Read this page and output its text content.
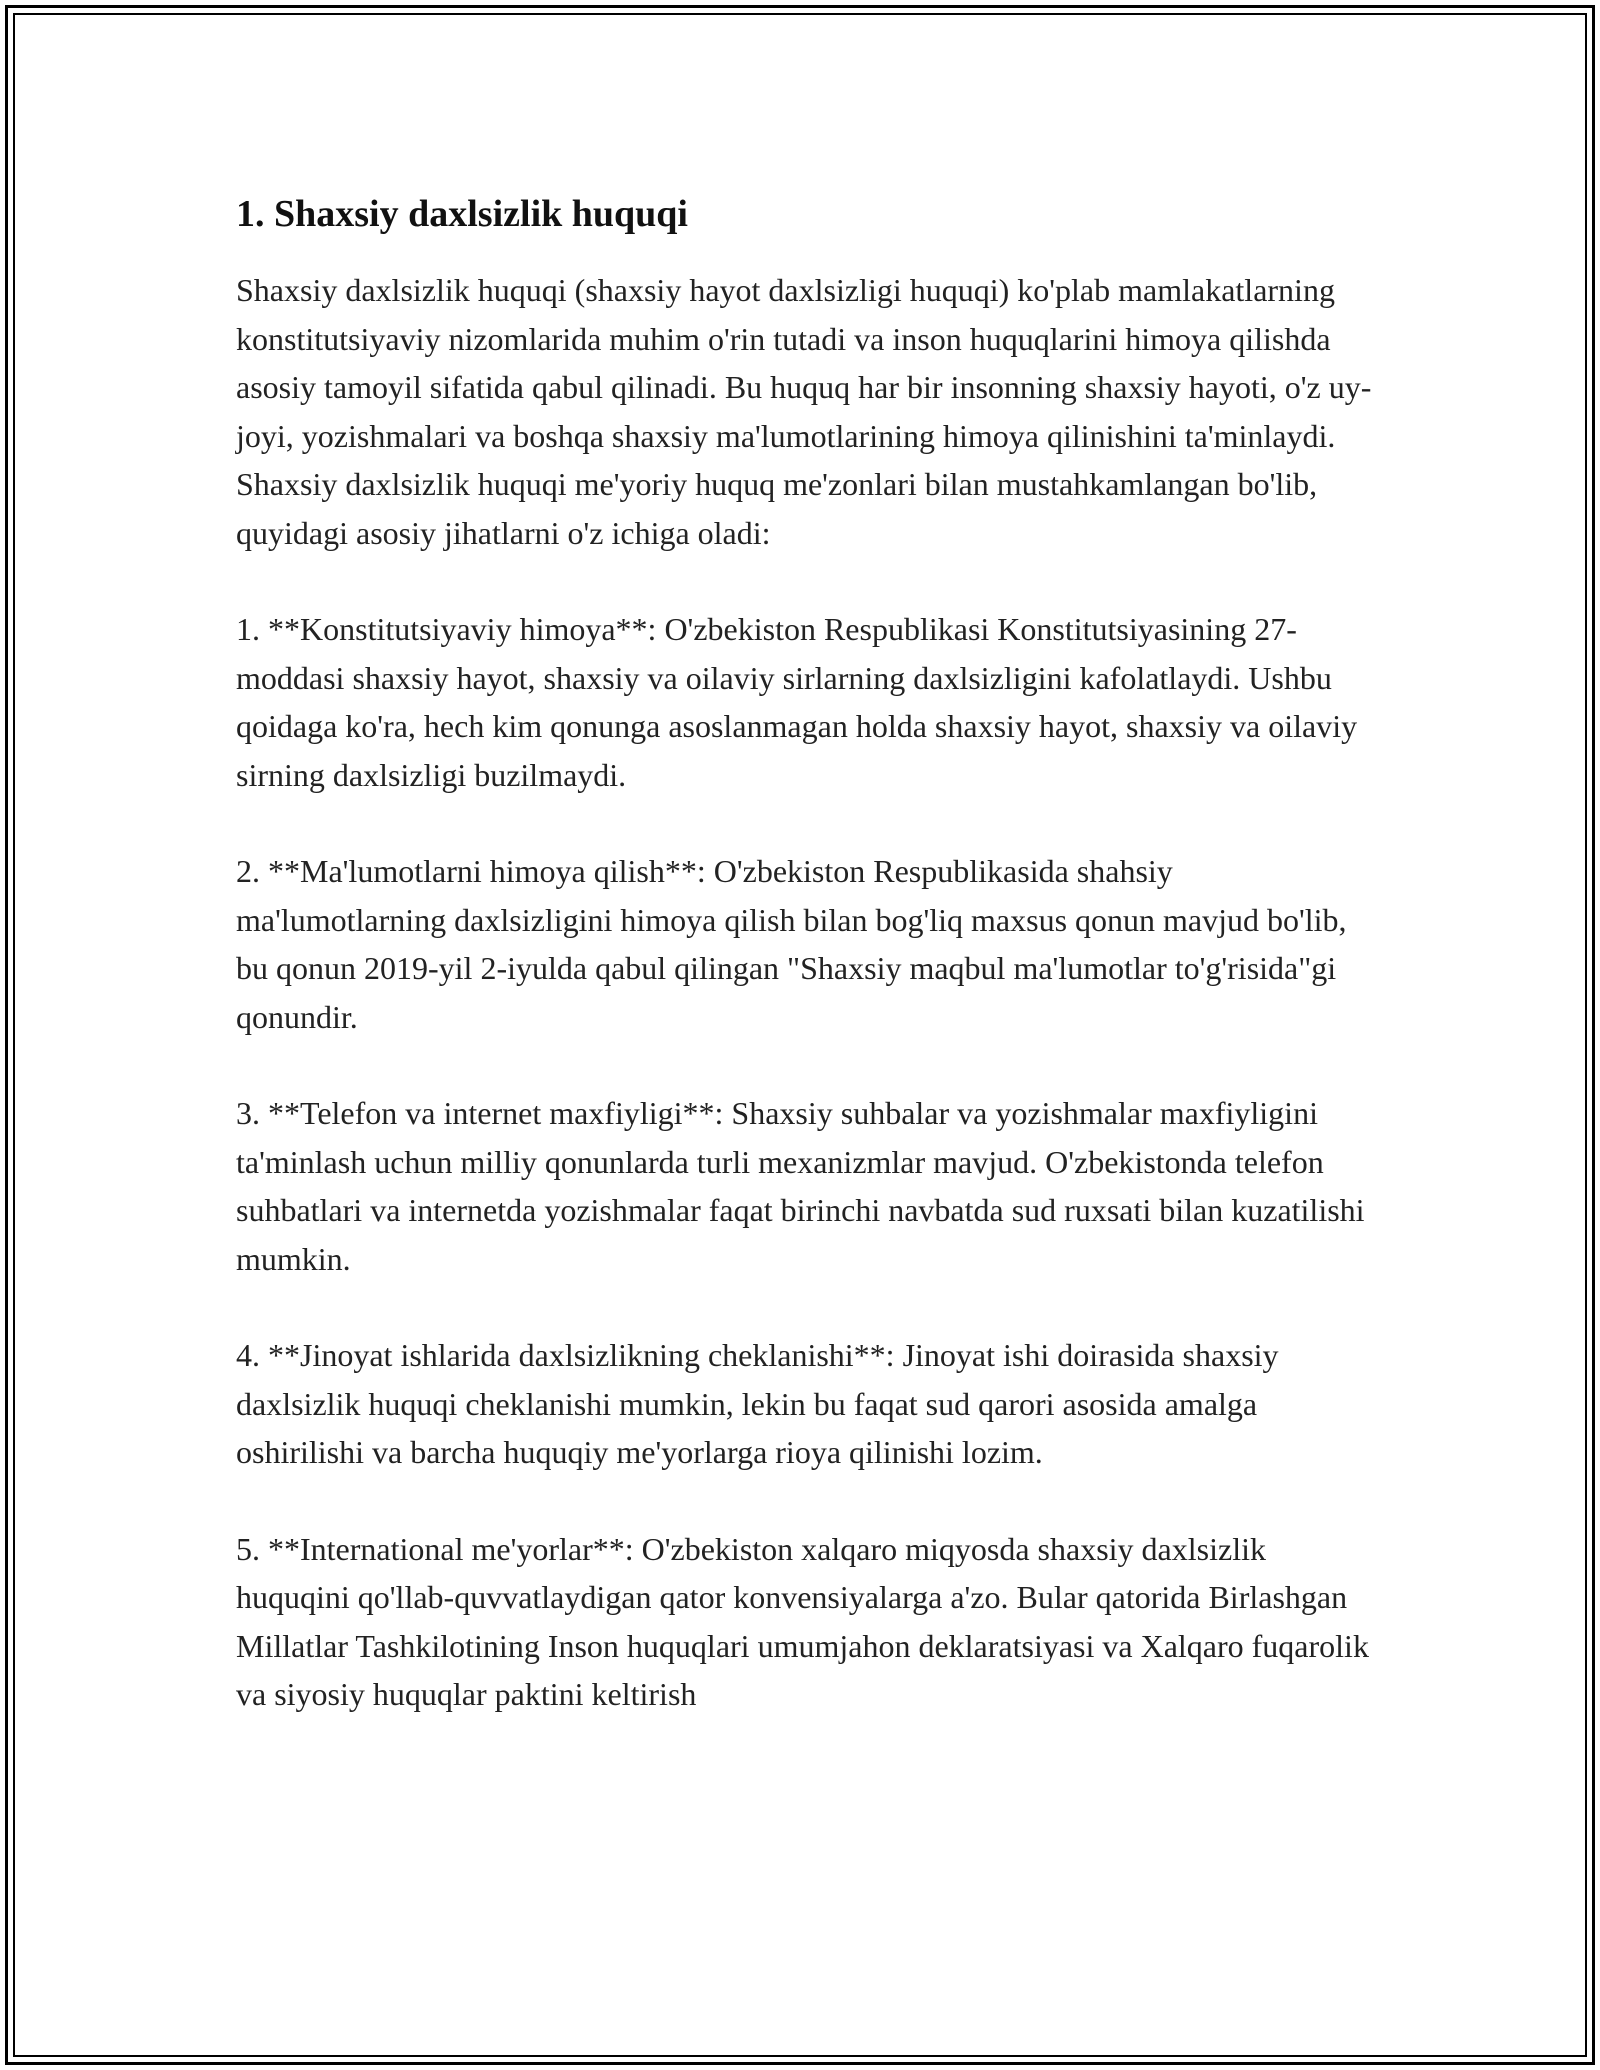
1. Shaxsiy daxlsizlik huquqi

Shaxsiy daxlsizlik huquqi (shaxsiy hayot daxlsizligi huquqi) ko'plab mamlakatlarning konstitutsiyaviy nizomlarida muhim o'rin tutadi va inson huquqlarini himoya qilishda asosiy tamoyil sifatida qabul qilinadi. Bu huquq har bir insonning shaxsiy hayoti, o'z uy-joyi, yozishmalari va boshqa shaxsiy ma'lumotlarining himoya qilinishini ta'minlaydi. Shaxsiy daxlsizlik huquqi me'yoriy huquq me'zonlari bilan mustahkamlangan bo'lib, quyidagi asosiy jihatlarni o'z ichiga oladi:

1. **Konstitutsiyaviy himoya**: O'zbekiston Respublikasi Konstitutsiyasining 27-moddasi shaxsiy hayot, shaxsiy va oilaviy sirlarning daxlsizligini kafolatlaydi. Ushbu qoidaga ko'ra, hech kim qonunga asoslanmagan holda shaxsiy hayot, shaxsiy va oilaviy sirning daxlsizligi buzilmaydi.

2. **Ma'lumotlarni himoya qilish**: O'zbekiston Respublikasida shahsiy ma'lumotlarning daxlsizligini himoya qilish bilan bog'liq maxsus qonun mavjud bo'lib, bu qonun 2019-yil 2-iyulda qabul qilingan "Shaxsiy maqbul ma'lumotlar to'g'risida"gi qonundir.

3. **Telefon va internet maxfiyligi**: Shaxsiy suhbalar va yozishmalar maxfiyligini ta'minlash uchun milliy qonunlarda turli mexanizmlar mavjud. O'zbekistonda telefon suhbatlari va internetda yozishmalar faqat birinchi navbatda sud ruxsati bilan kuzatilishi mumkin.

4. **Jinoyat ishlarida daxlsizlikning cheklanishi**: Jinoyat ishi doirasida shaxsiy daxlsizlik huquqi cheklanishi mumkin, lekin bu faqat sud qarori asosida amalga oshirilishi va barcha huquqiy me'yorlarga rioya qilinishi lozim.

5. **International me'yorlar**: O'zbekiston xalqaro miqyosda shaxsiy daxlsizlik huquqini qo'llab-quvvatlaydigan qator konvensiyalarga a'zo. Bular qatorida Birlashgan Millatlar Tashkilotining Inson huquqlari umumjahon deklaratsiyasi va Xalqaro fuqarolik va siyosiy huquqlar paktini keltirish
